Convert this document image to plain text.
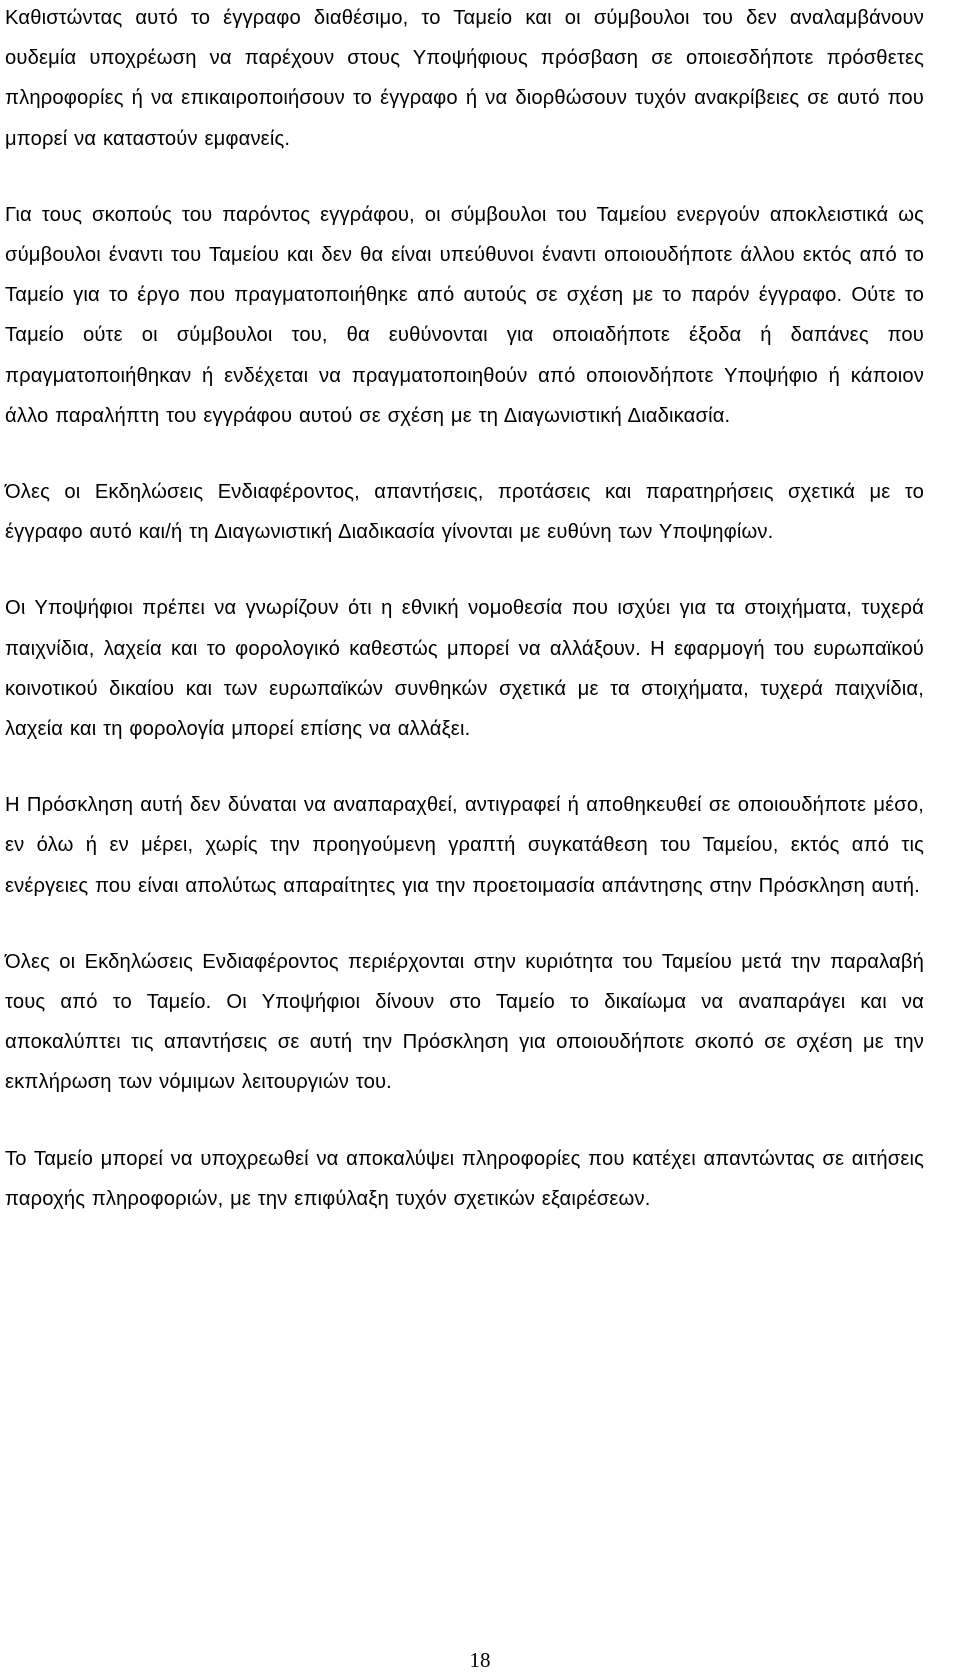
Καθιστώντας αυτό το έγγραφο διαθέσιμο, το Ταμείο και οι σύμβουλοι του δεν αναλαμβάνουν ουδεμία υποχρέωση να παρέχουν στους Υποψήφιους πρόσβαση σε οποιεσδήποτε πρόσθετες πληροφορίες ή να επικαιροποιήσουν το έγγραφο ή να διορθώσουν τυχόν ανακρίβειες σε αυτό που μπορεί να καταστούν εμφανείς.

Για τους σκοπούς του παρόντος εγγράφου, οι σύμβουλοι του Ταμείου ενεργούν αποκλειστικά ως σύμβουλοι έναντι του Ταμείου και δεν θα είναι υπεύθυνοι έναντι οποιουδήποτε άλλου εκτός από το Ταμείο για το έργο που πραγματοποιήθηκε από αυτούς σε σχέση με το παρόν έγγραφο. Ούτε το Ταμείο ούτε οι σύμβουλοι του, θα ευθύνονται για οποιαδήποτε έξοδα ή δαπάνες που πραγματοποιήθηκαν ή ενδέχεται να πραγματοποιηθούν από οποιονδήποτε Υποψήφιο ή κάποιον άλλο παραλήπτη του εγγράφου αυτού σε σχέση με τη Διαγωνιστική Διαδικασία.

Όλες οι Εκδηλώσεις Ενδιαφέροντος, απαντήσεις, προτάσεις και παρατηρήσεις σχετικά με το έγγραφο αυτό και/ή τη Διαγωνιστική Διαδικασία γίνονται με ευθύνη των Υποψηφίων.

Οι Υποψήφιοι πρέπει να γνωρίζουν ότι η εθνική νομοθεσία που ισχύει για τα στοιχήματα, τυχερά παιχνίδια, λαχεία και το φορολογικό καθεστώς μπορεί να αλλάξουν. Η εφαρμογή του ευρωπαϊκού κοινοτικού δικαίου και των ευρωπαϊκών συνθηκών σχετικά με τα στοιχήματα, τυχερά παιχνίδια, λαχεία και τη φορολογία μπορεί επίσης να αλλάξει.

Η Πρόσκληση αυτή δεν δύναται να αναπαραχθεί, αντιγραφεί ή αποθηκευθεί σε οποιουδήποτε μέσο, εν όλω ή εν μέρει, χωρίς την προηγούμενη γραπτή συγκατάθεση του Ταμείου, εκτός από τις ενέργειες που είναι απολύτως απαραίτητες για την προετοιμασία απάντησης στην Πρόσκληση αυτή.

Όλες οι Εκδηλώσεις Ενδιαφέροντος περιέρχονται στην κυριότητα του Ταμείου μετά την παραλαβή τους από το Ταμείο. Οι Υποψήφιοι δίνουν στο Ταμείο το δικαίωμα να αναπαράγει και να αποκαλύπτει τις απαντήσεις σε αυτή την Πρόσκληση για οποιουδήποτε σκοπό σε σχέση με την εκπλήρωση των νόμιμων λειτουργιών του.

Το Ταμείο μπορεί να υποχρεωθεί να αποκαλύψει πληροφορίες που κατέχει απαντώντας σε αιτήσεις παροχής πληροφοριών, με την επιφύλαξη τυχόν σχετικών εξαιρέσεων.

18
